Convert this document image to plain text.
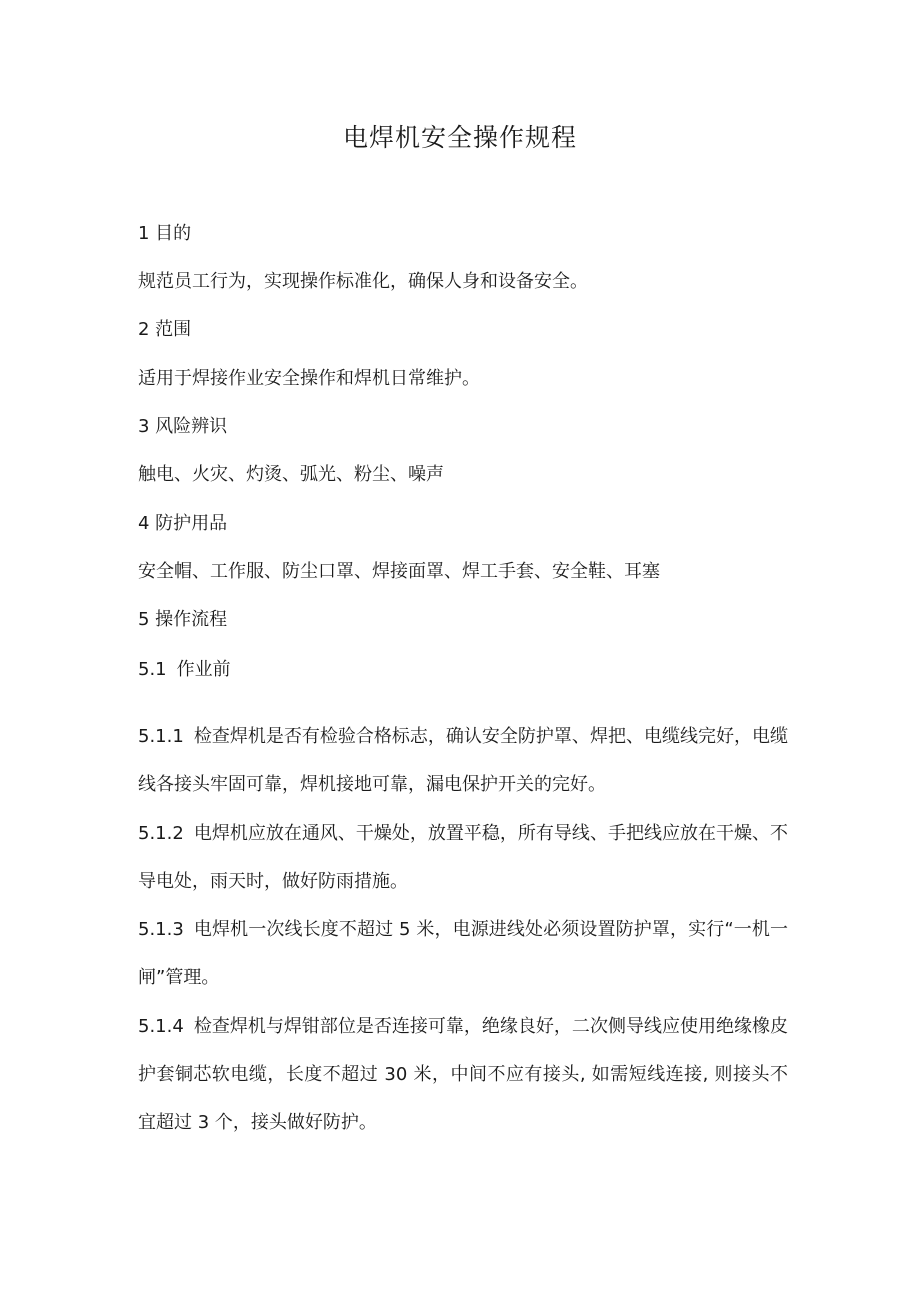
电焊机安全操作规程
1 目的
规范员工行为，实现操作标准化，确保人身和设备安全。
2 范围
适用于焊接作业安全操作和焊机日常维护。
3 风险辨识
触电、火灾、灼烫、弧光、粉尘、噪声
4 防护用品
安全帽、工作服、防尘口罩、焊接面罩、焊工手套、安全鞋、耳塞
5 操作流程
5.1 作业前
5.1.1 检查焊机是否有检验合格标志，确认安全防护罩、焊把、电缆线完好，电缆线各接头牢固可靠，焊机接地可靠，漏电保护开关的完好。
5.1.2 电焊机应放在通风、干燥处，放置平稳，所有导线、手把线应放在干燥、不导电处，雨天时，做好防雨措施。
5.1.3 电焊机一次线长度不超过 5 米，电源进线处必须设置防护罩，实行“一机一闸”管理。
5.1.4 检查焊机与焊钳部位是否连接可靠，绝缘良好，二次侧导线应使用绝缘橡皮护套铜芯软电缆，长度不超过 30 米，中间不应有接头, 如需短线连接, 则接头不宜超过 3 个，接头做好防护。
